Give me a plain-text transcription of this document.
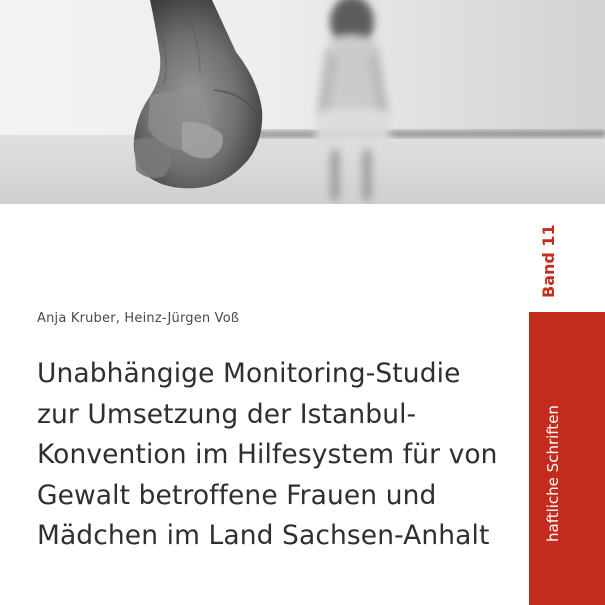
Band 11
Anja Kruber, Heinz-Jürgen Voß
Unabhängige Monitoring-Studie
zur Umsetzung der Istanbul-
Konvention im Hilfesystem für von
Gewalt betroffene Frauen und
Mädchen im Land Sachsen-Anhalt	haftliche Schriften
